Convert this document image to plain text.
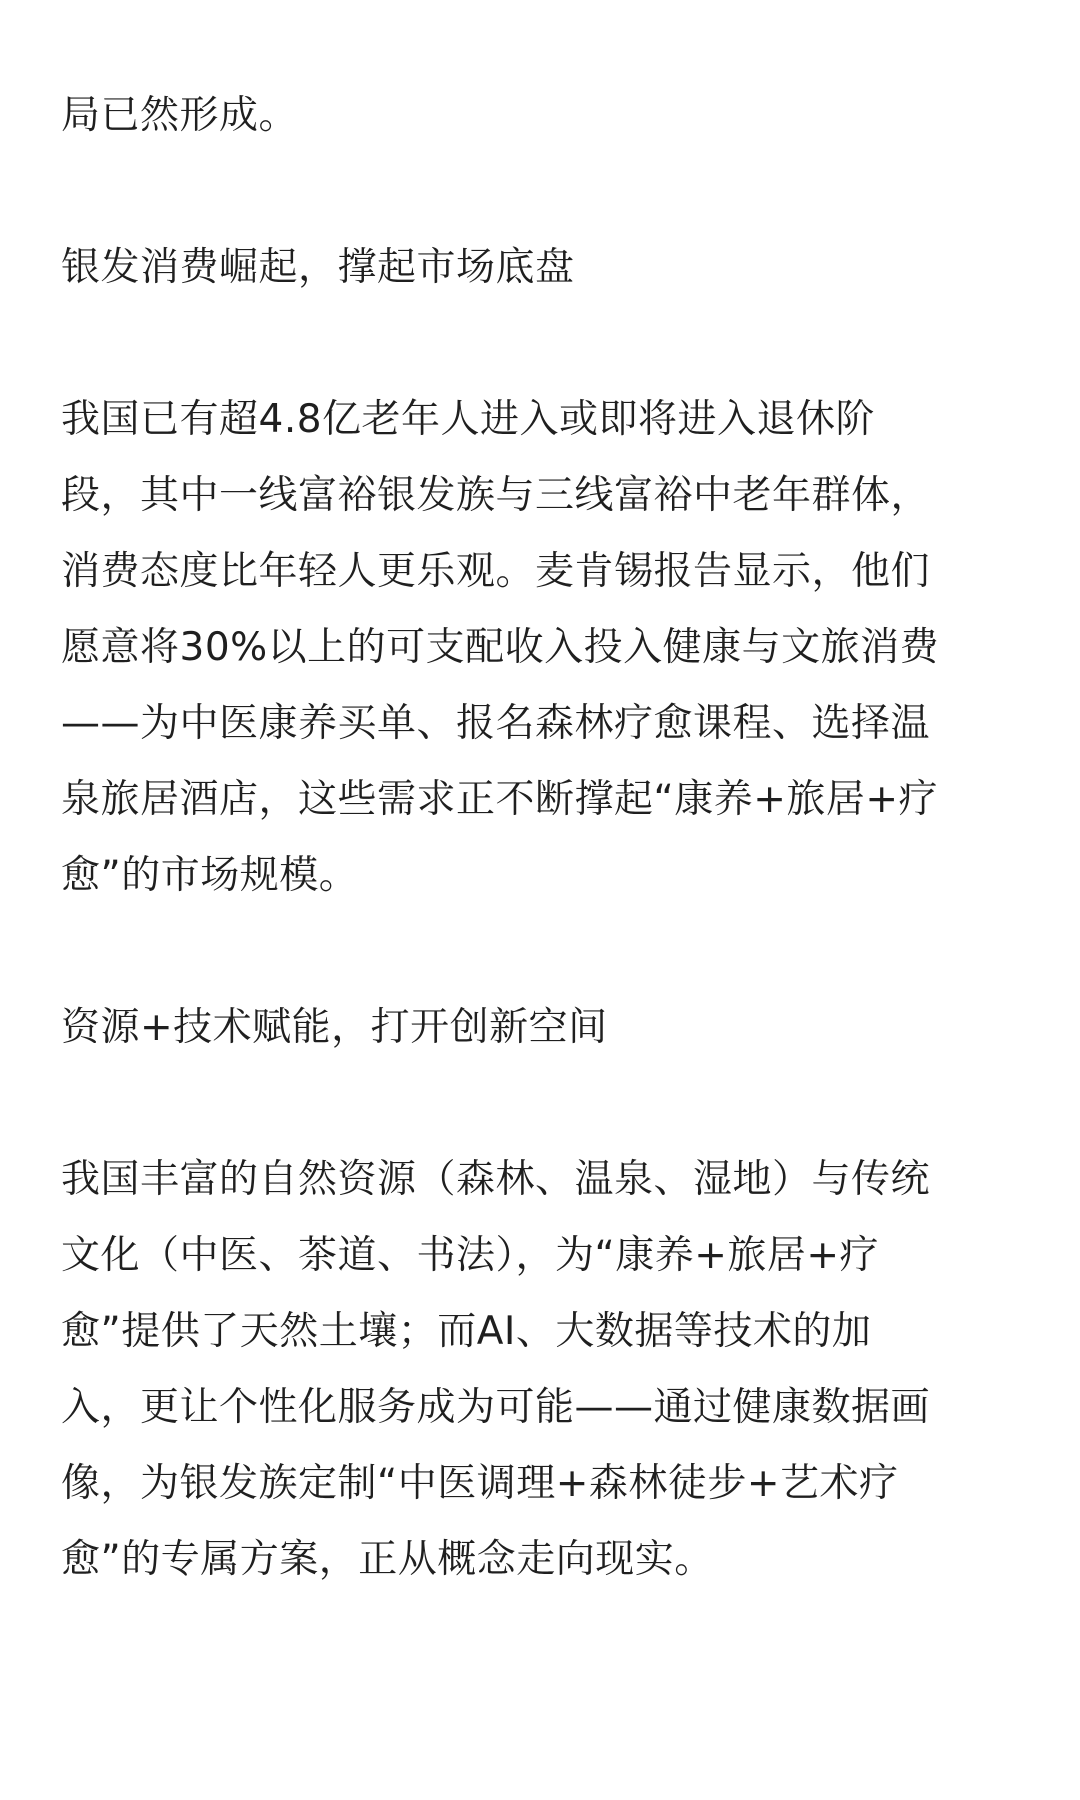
局已然形成。

银发消费崛起，撑起市场底盘

我国已有超4.8亿老年人进入或即将进入退休阶
段，其中一线富裕银发族与三线富裕中老年群体，
消费态度比年轻人更乐观。麦肯锡报告显示，他们
愿意将30%以上的可支配收入投入健康与文旅消费
——为中医康养买单、报名森林疗愈课程、选择温
泉旅居酒店，这些需求正不断撑起“康养+旅居+疗
愈”的市场规模。

资源+技术赋能，打开创新空间

我国丰富的自然资源（森林、温泉、湿地）与传统
文化（中医、茶道、书法），为“康养+旅居+疗
愈”提供了天然土壤；而AI、大数据等技术的加
入，更让个性化服务成为可能——通过健康数据画
像，为银发族定制“中医调理+森林徒步+艺术疗
愈”的专属方案，正从概念走向现实。
